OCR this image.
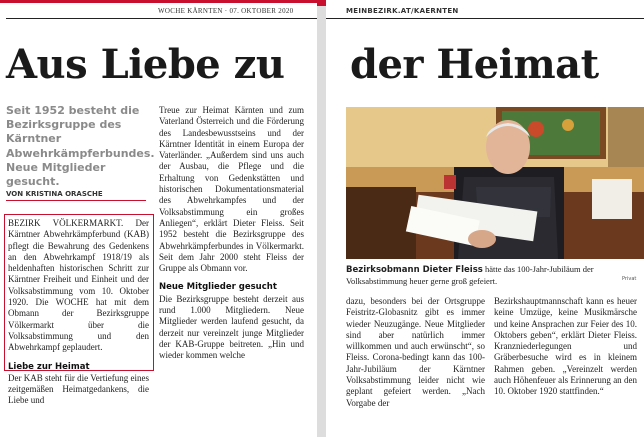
WOCHE KÄRNTEN · 07. OKTOBER 2020
Aus Liebe zu
Seit 1952 besteht die Bezirksgruppe des Kärntner Abwehrkämpferbundes. Neue Mitglieder gesucht.
VON KRISTINA ORASCHE

BEZIRK VÖLKERMARKT. Der Kärntner Abwehrkämpferbund (KAB) pflegt die Bewahrung des Gedenkens an den Abwehrkampf 1918/19 als heldenhaften historischen Schritt zur Kärntner Freiheit und Einheit und der Volksabstimmung vom 10. Oktober 1920. Die WOCHE hat mit dem Obmann der Bezirksgruppe Völkermarkt über die Volksabstimmung und den Abwehrkampf geplaudert.

Liebe zur Heimat

Der KAB steht für die Vertiefung eines zeitgemäßen Heimatgedankens, die Liebe und

Treue zur Heimat Kärnten und zum Vaterland Österreich und die Förderung des Landesbewusstseins und der Kärntner Identität in einem Europa der Vaterländer. „Außerdem sind uns auch der Ausbau, die Pflege und die Erhaltung von Gedenkstätten und historischen Dokumentationsmaterial des Abwehrkampfes und der Volksabstimmung ein großes Anliegen“, erklärt Dieter Fleiss. Seit 1952 besteht die Bezirksgruppe des Abwehrkämpferbundes in Völkermarkt. Seit dem Jahr 2000 steht Fleiss der Gruppe als Obmann vor.

Neue Mitglieder gesucht

Die Bezirksgruppe besteht derzeit aus rund 1.000 Mitgliedern. Neue Mitglieder werden laufend gesucht, da derzeit nur vereinzelt junge Mitglieder der KAB-Gruppe beitreten. „Hin und wieder kommen welche

MEINBEZIRK.AT/KAERNTEN
der Heimat
Bezirksobmann Dieter Fleiss hätte das 100-Jahr-Jubiläum der Volksabstimmung heuer gerne groß gefeiert.	Privat

dazu, besonders bei der Ortsgruppe Feistritz-Globasnitz gibt es immer wieder Neuzugänge. Neue Mitglieder sind aber natürlich immer willkommen und auch erwünscht“, so Fleiss. Corona-bedingt kann das 100-Jahr-Jubiläum der Kärntner Volksabstimmung leider nicht wie geplant gefeiert werden. „Nach Vorgabe der

Bezirkshauptmannschaft kann es heuer keine Umzüge, keine Musikmärsche und keine Ansprachen zur Feier des 10. Oktobers geben“, erklärt Dieter Fleiss. Kranzniederlegungen und Gräberbesuche wird es in kleinem Rahmen geben. „Vereinzelt werden auch Höhenfeuer als Erinnerung an den 10. Oktober 1920 stattfinden.“
